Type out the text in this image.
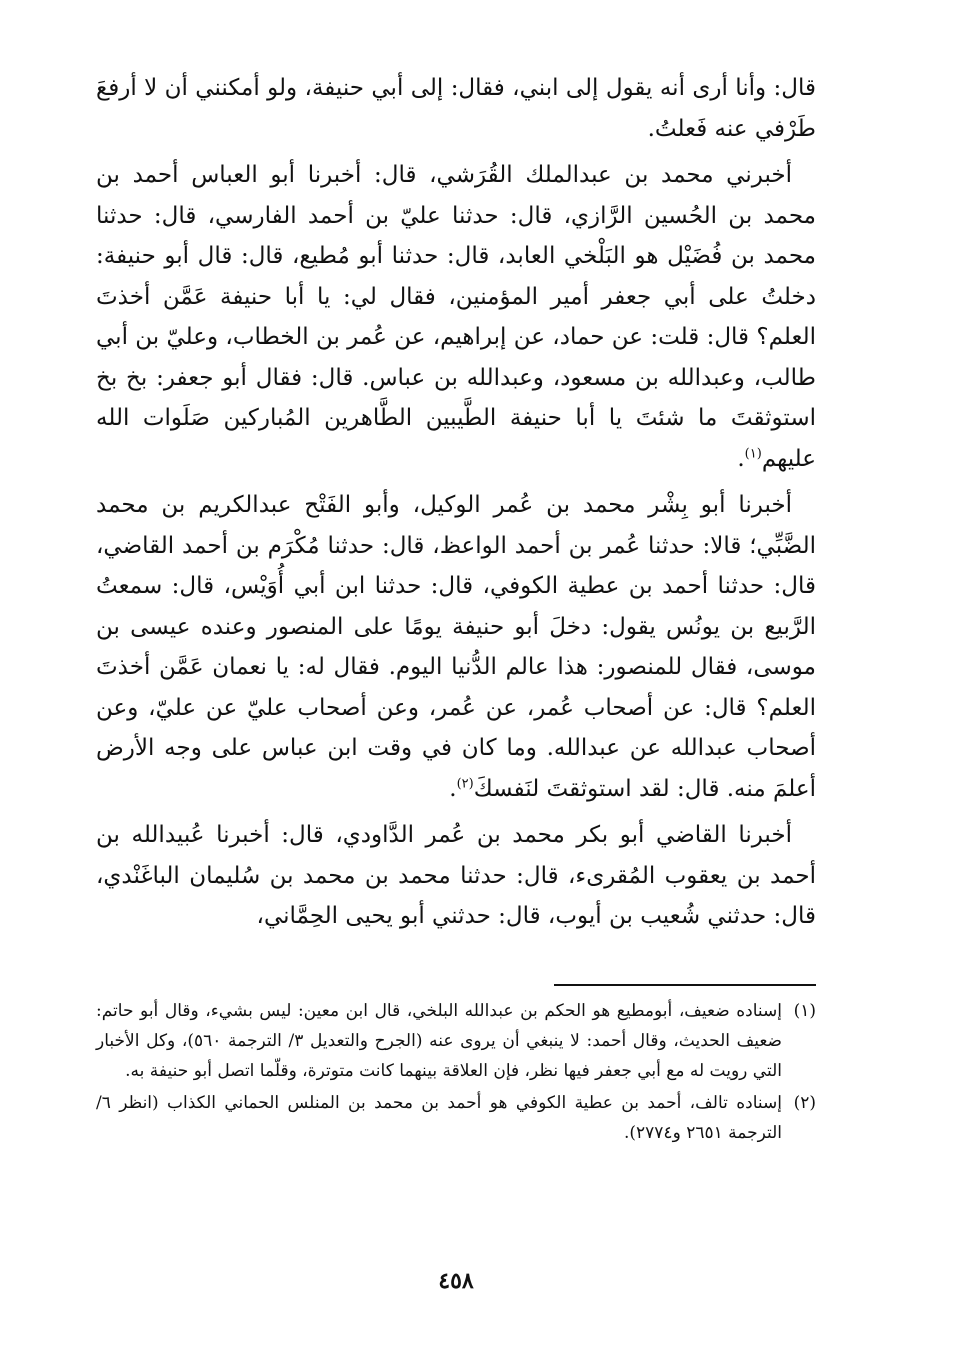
قال: وأنا أرى أنه يقول إلى ابني، فقال: إلى أبي حنيفة، ولو أمكنني أن لا أرفعَ طَرْفي عنه فَعلتُ.

أخبرني محمد بن عبدالملك القُرَشي، قال: أخبرنا أبو العباس أحمد بن محمد بن الحُسين الرَّازي، قال: حدثنا عليّ بن أحمد الفارسي، قال: حدثنا محمد بن فُضَيْل هو البَلْخي العابد، قال: حدثنا أبو مُطيع، قال: قال أبو حنيفة: دخلتُ على أبي جعفر أمير المؤمنين، فقال لي: يا أبا حنيفة عَمَّن أخذتَ العلم؟ قال: قلت: عن حماد، عن إبراهيم، عن عُمر بن الخطاب، وعليّ بن أبي طالب، وعبدالله بن مسعود، وعبدالله بن عباس. قال: فقال أبو جعفر: بخ بخ استوثقتَ ما شئتَ يا أبا حنيفة الطَّيبين الطَّاهرين المُباركين صَلَوات الله عليهم$^{(١)}$.

أخبرنا أبو بِشْر محمد بن عُمر الوكيل، وأبو الفَتْح عبدالكريم بن محمد الضَّبِّي؛ قالا: حدثنا عُمر بن أحمد الواعظ، قال: حدثنا مُكْرَم بن أحمد القاضي، قال: حدثنا أحمد بن عطية الكوفي، قال: حدثنا ابن أبي أُوَيْس، قال: سمعتُ الرَّبيع بن يونُس يقول: دخلَ أبو حنيفة يومًا على المنصور وعنده عيسى بن موسى، فقال للمنصور: هذا عالم الدُّنيا اليوم. فقال له: يا نعمان عَمَّن أخذتَ العلم؟ قال: عن أصحاب عُمر، عن عُمر، وعن أصحاب عليّ عن عليّ، وعن أصحاب عبدالله عن عبدالله. وما كان في وقت ابن عباس على وجه الأرض أعلمَ منه. قال: لقد استوثقتَ لنَفسكَ$^{(٢)}$.

أخبرنا القاضي أبو بكر محمد بن عُمر الدَّاودي، قال: أخبرنا عُبيدالله بن أحمد بن يعقوب المُقرىء، قال: حدثنا محمد بن محمد بن سُليمان الباغَنْدي، قال: حدثني شُعيب بن أيوب، قال: حدثني أبو يحيى الحِمَّاني،

(١)
إسناده ضعيف، أبومطيع هو الحكم بن عبدالله البلخي، قال ابن معين: ليس بشيء، وقال أبو حاتم: ضعيف الحديث، وقال أحمد: لا ينبغي أن يروى عنه (الجرح والتعديل ٣/ الترجمة ٥٦٠)، وكل الأخبار التي رويت له مع أبي جعفر فيها نظر، فإن العلاقة بينهما كانت متوترة، وقلّما اتصل أبو حنيفة به.
(٢)
إسناده تالف، أحمد بن عطية الكوفي هو أحمد بن محمد بن المنلس الحماني الكذاب (انظر ٦/ الترجمة ٢٦٥١ و٢٧٧٤).
٤٥٨
